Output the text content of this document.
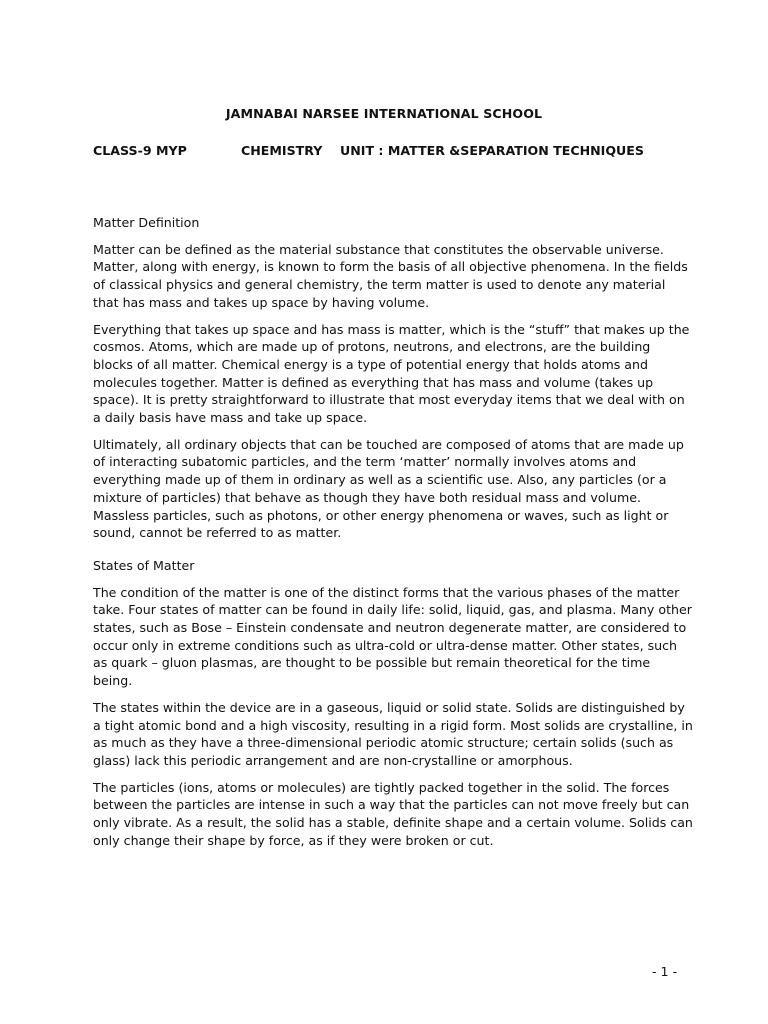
JAMNABAI NARSEE INTERNATIONAL SCHOOL
CLASS-9 MYP	CHEMISTRY UNIT : MATTER &SEPARATION TECHNIQUES
Matter Definition
Matter can be defined as the material substance that constitutes the observable universe. Matter, along with energy, is known to form the basis of all objective phenomena. In the fields of classical physics and general chemistry, the term matter is used to denote any material that has mass and takes up space by having volume.
Everything that takes up space and has mass is matter, which is the “stuff” that makes up the cosmos. Atoms, which are made up of protons, neutrons, and electrons, are the building blocks of all matter. Chemical energy is a type of potential energy that holds atoms and molecules together. Matter is defined as everything that has mass and volume (takes up space). It is pretty straightforward to illustrate that most everyday items that we deal with on a daily basis have mass and take up space.
Ultimately, all ordinary objects that can be touched are composed of atoms that are made up of interacting subatomic particles, and the term ‘matter’ normally involves atoms and everything made up of them in ordinary as well as a scientific use. Also, any particles (or a mixture of particles) that behave as though they have both residual mass and volume. Massless particles, such as photons, or other energy phenomena or waves, such as light or sound, cannot be referred to as matter.
States of Matter
The condition of the matter is one of the distinct forms that the various phases of the matter take. Four states of matter can be found in daily life: solid, liquid, gas, and plasma. Many other states, such as Bose – Einstein condensate and neutron degenerate matter, are considered to occur only in extreme conditions such as ultra-cold or ultra-dense matter. Other states, such as quark – gluon plasmas, are thought to be possible but remain theoretical for the time being.
The states within the device are in a gaseous, liquid or solid state. Solids are distinguished by a tight atomic bond and a high viscosity, resulting in a rigid form. Most solids are crystalline, in as much as they have a three-dimensional periodic atomic structure; certain solids (such as glass) lack this periodic arrangement and are non-crystalline or amorphous.
The particles (ions, atoms or molecules) are tightly packed together in the solid. The forces between the particles are intense in such a way that the particles can not move freely but can only vibrate. As a result, the solid has a stable, definite shape and a certain volume. Solids can only change their shape by force, as if they were broken or cut.
- 1 -
